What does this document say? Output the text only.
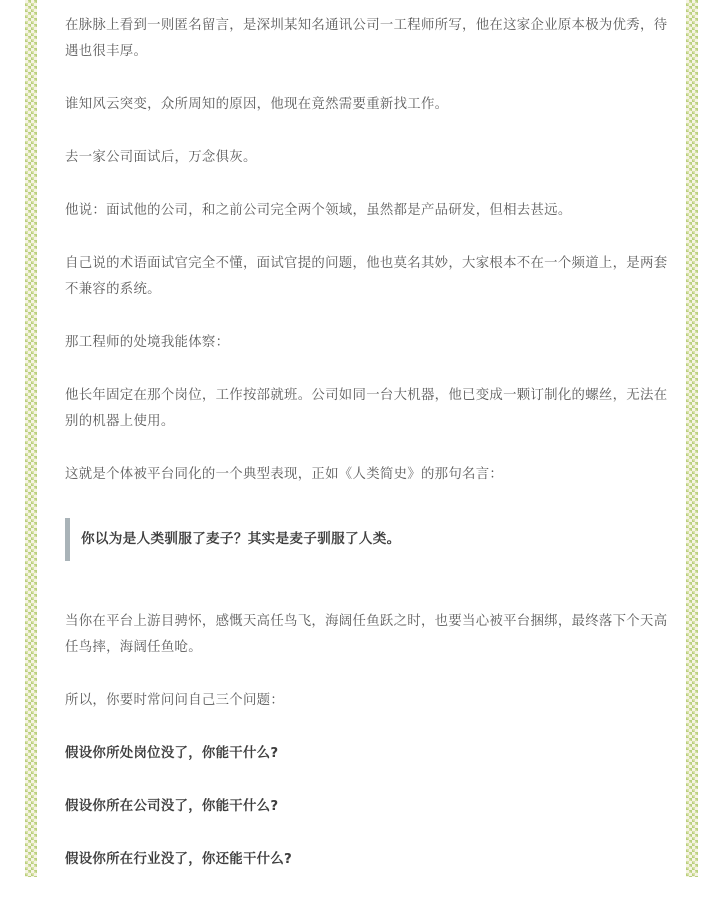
在脉脉上看到一则匿名留言，是深圳某知名通讯公司一工程师所写，他在这家企业原本极为优秀，待遇也很丰厚。

谁知风云突变，众所周知的原因，他现在竟然需要重新找工作。

去一家公司面试后，万念俱灰。

他说：面试他的公司，和之前公司完全两个领域，虽然都是产品研发，但相去甚远。

自己说的术语面试官完全不懂，面试官提的问题，他也莫名其妙，大家根本不在一个频道上，是两套不兼容的系统。

那工程师的处境我能体察：

他长年固定在那个岗位，工作按部就班。公司如同一台大机器，他已变成一颗订制化的螺丝，无法在别的机器上使用。

这就是个体被平台同化的一个典型表现，正如《人类简史》的那句名言：

你以为是人类驯服了麦子？其实是麦子驯服了人类。

当你在平台上游目骋怀，感慨天高任鸟飞，海阔任鱼跃之时，也要当心被平台捆绑，最终落下个天高任鸟摔，海阔任鱼呛。

所以，你要时常问问自己三个问题：

假设你所处岗位没了，你能干什么?

假设你所在公司没了，你能干什么?

假设你所在行业没了，你还能干什么?
